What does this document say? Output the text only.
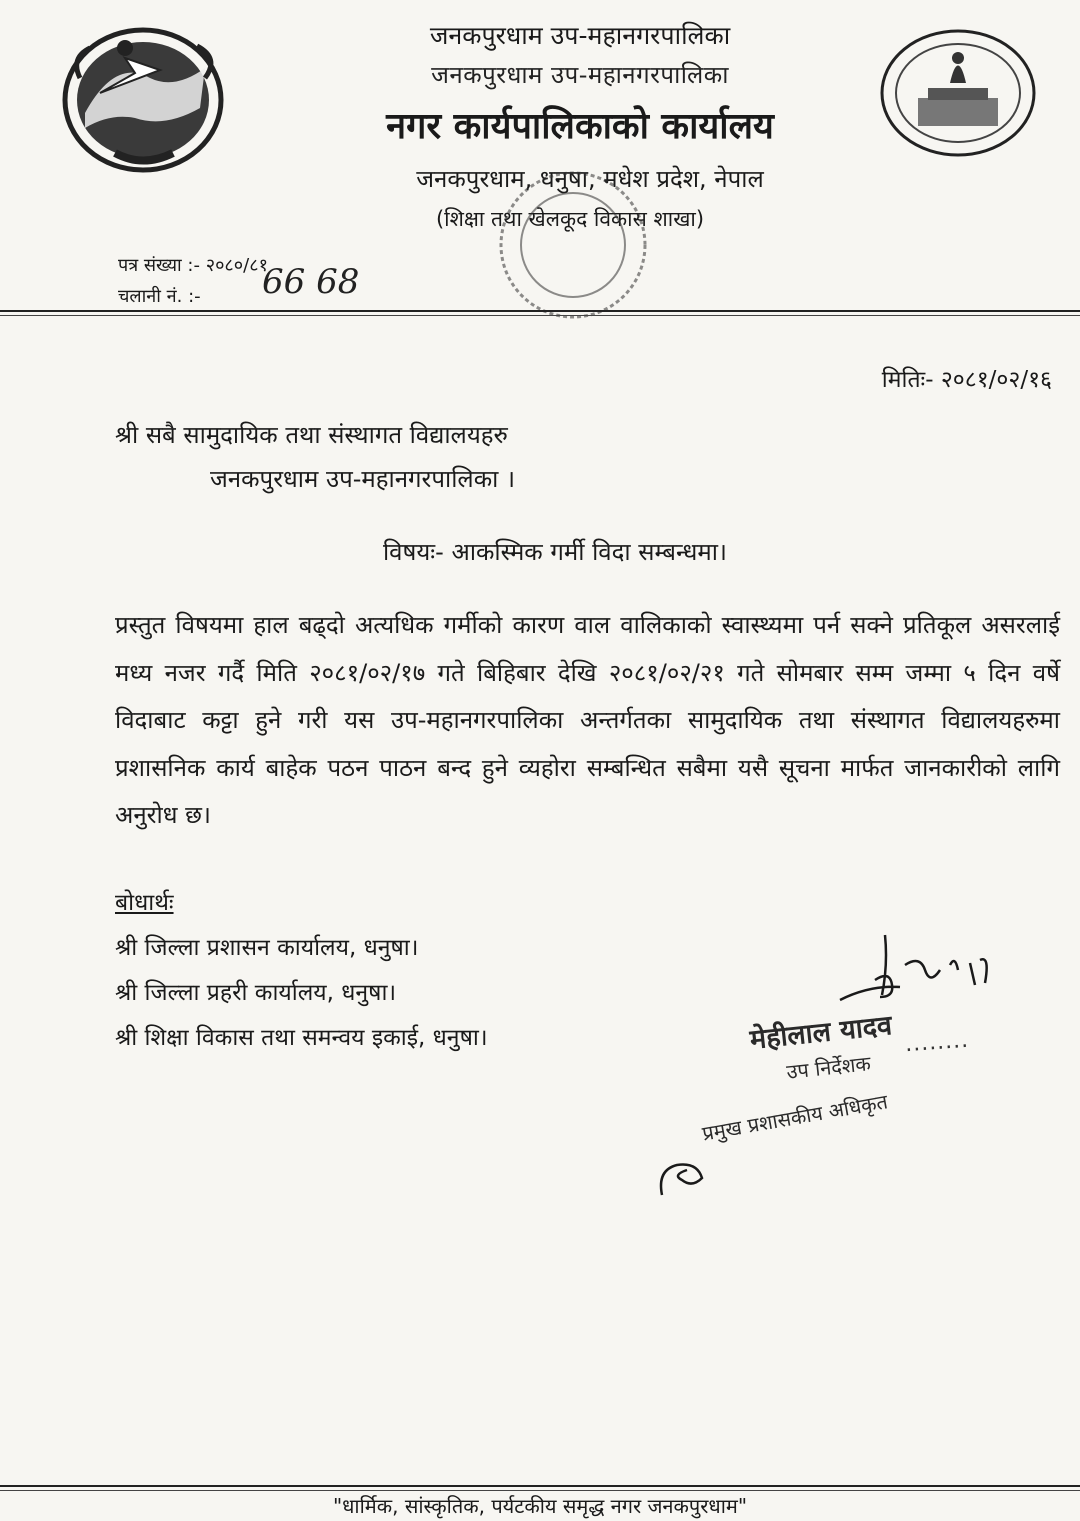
जनकपुरधाम उप-महानगरपालिका
जनकपुरधाम उप-महानगरपालिका
नगर कार्यपालिकाको कार्यालय
जनकपुरधाम, धनुषा, मधेश प्रदेश, नेपाल
(शिक्षा तथा खेलकूद विकास शाखा)
पत्र संख्या :- २०८०/८१
चलानी नं. :- 66 68
मितिः- २०८१/०२/१६
श्री सबै सामुदायिक तथा संस्थागत विद्यालयहरु
जनकपुरधाम उप-महानगरपालिका ।
विषयः- आकस्मिक गर्मी विदा सम्बन्धमा।
प्रस्तुत विषयमा हाल बढ्दो अत्यधिक गर्मीको कारण वाल वालिकाको स्वास्थ्यमा पर्न सक्ने प्रतिकूल असरलाई मध्य नजर गर्दै मिति २०८१/०२/१७ गते बिहिबार देखि २०८१/०२/२१ गते सोमबार सम्म जम्मा ५ दिन वर्षे विदाबाट कट्टा हुने गरी यस उप-महानगरपालिका अन्तर्गतका सामुदायिक तथा संस्थागत विद्यालयहरुमा प्रशासनिक कार्य बाहेक पठन पाठन बन्द हुने व्यहोरा सम्बन्धित सबैमा यसै सूचना मार्फत जानकारीको लागि अनुरोध छ।
बोधार्थः
श्री जिल्ला प्रशासन कार्यालय, धनुषा।
श्री जिल्ला प्रहरी कार्यालय, धनुषा।
श्री शिक्षा विकास तथा समन्वय इकाई, धनुषा।	मेहीलाल यादव ........
उप निर्देशक
प्रमुख प्रशासकीय अधिकृत
"धार्मिक, सांस्कृतिक, पर्यटकीय समृद्ध नगर जनकपुरधाम"
